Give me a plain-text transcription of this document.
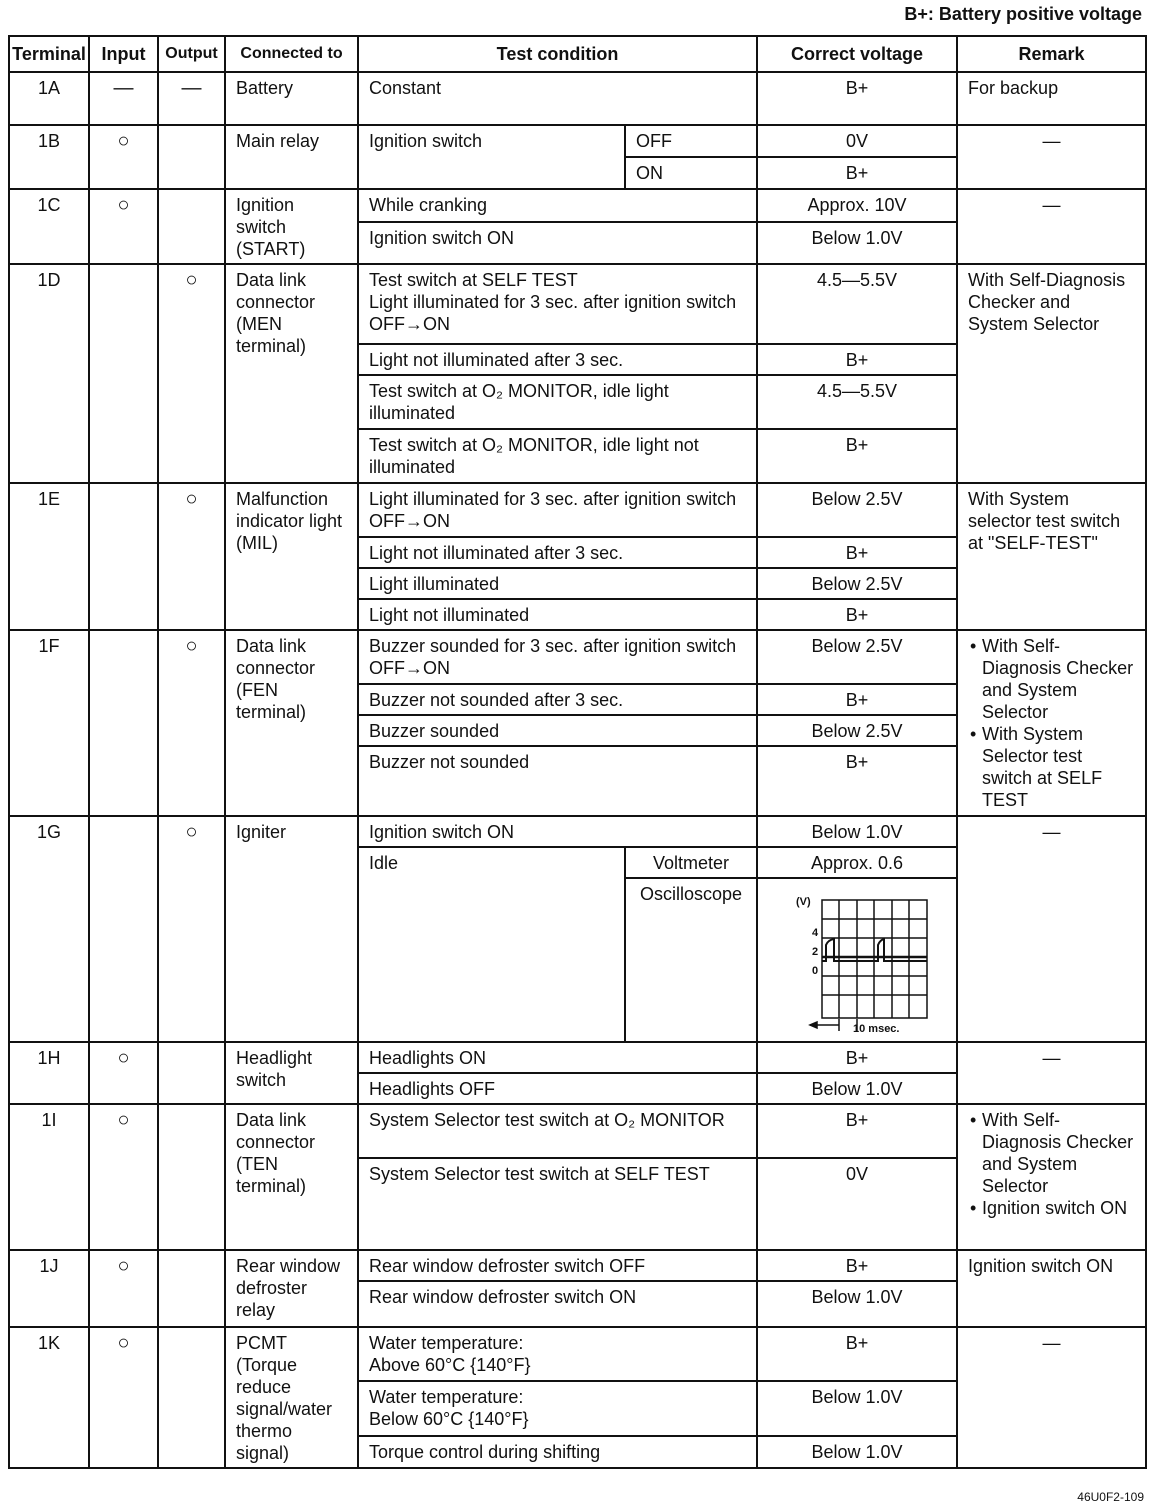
B+: Battery positive voltage
Terminal	Input	Output	Connected to	Test condition		Correct voltage	Remark
1A	—	—	Battery	Constant		B+	For backup
1B	○		Main relay	Ignition switch	OFF	0V	—
					ON	B+	
1C	○		Ignition switch (START)	While cranking		Approx. 10V	—
				Ignition switch ON		Below 1.0V	
1D		○	Data link connector (MEN terminal)	Test switch at SELF TEST
Light illuminated for 3 sec. after ignition switch OFF→ON		4.5—5.5V	With Self-Diagnosis Checker and System Selector
				Light not illuminated after 3 sec.		B+	
				Test switch at O₂ MONITOR, idle light illuminated		4.5—5.5V	
				Test switch at O₂ MONITOR, idle light not illuminated		B+	
1E		○	Malfunction indicator light (MIL)	Light illuminated for 3 sec. after ignition switch OFF→ON		Below 2.5V	With System selector test switch at "SELF-TEST"
				Light not illuminated after 3 sec.		B+	
				Light illuminated		Below 2.5V	
				Light not illuminated		B+	
1F		○	Data link connector (FEN terminal)	Buzzer sounded for 3 sec. after ignition switch OFF→ON		Below 2.5V	• With Self-Diagnosis Checker and System Selector
• With System Selector test switch at SELF TEST

				Buzzer not sounded after 3 sec.		B+	
				Buzzer sounded		Below 2.5V	
				Buzzer not sounded		B+	
1G		○	Igniter	Ignition switch ON		Below 1.0V	—
				Idle	Voltmeter	Approx. 0.6	
					Oscilloscope	(V)
4
2
0
10 msec.	

1H	○		Headlight switch	Headlights ON		B+	—
				Headlights OFF		Below 1.0V	
1I	○		Data link connector (TEN terminal)	System Selector test switch at O₂ MONITOR		B+	• With Self-Diagnosis Checker and System Selector
• Ignition switch ON

				System Selector test switch at SELF TEST		0V	
1J	○		Rear window defroster relay	Rear window defroster switch OFF		B+	Ignition switch ON
				Rear window defroster switch ON		Below 1.0V	
1K	○		PCMT (Torque reduce signal/water thermo signal)	Water temperature:
Above 60°C {140°F}		B+	—
				Water temperature:
Below 60°C {140°F}		Below 1.0V	
				Torque control during shifting		Below 1.0V	
46U0F2-109
